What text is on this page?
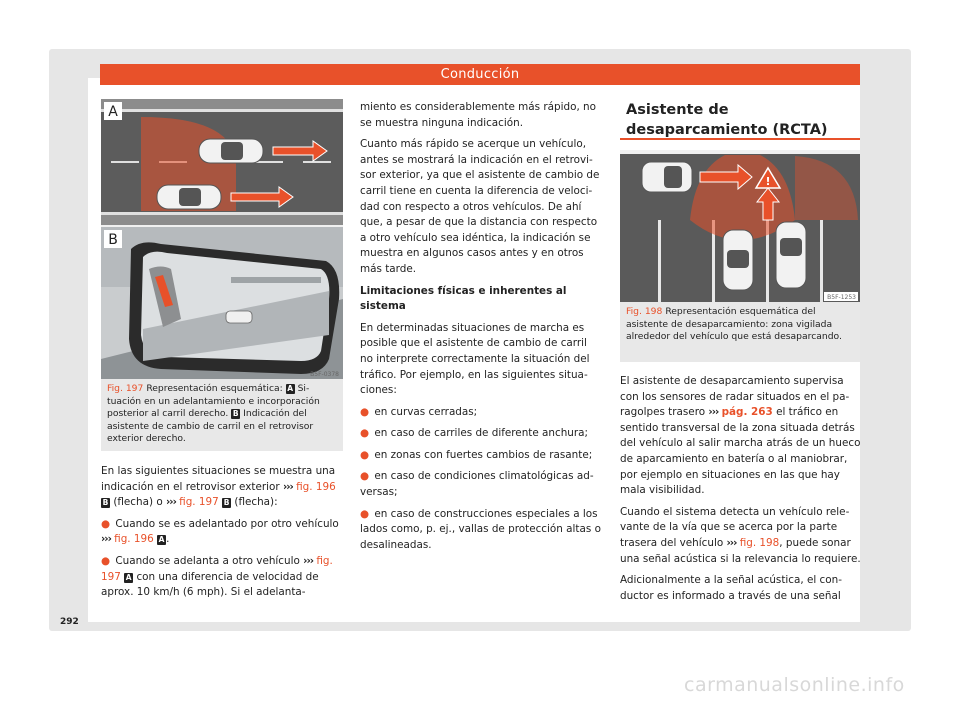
Conducción
A
B
B5F-0378
Fig. 197 Representación esquemática: A Situación en un adelantamiento e incorporación posterior al carril derecho. B Indicación del asistente de cambio de carril en el retrovisor exterior derecho.

En las siguientes situaciones se muestra una indicación en el retrovisor exterior ››› fig. 196 B (flecha) o ››› fig. 197 B (flecha):

● Cuando se es adelantado por otro vehículo ››› fig. 196 A .

● Cuando se adelanta a otro vehículo ››› fig. 197 A con una diferencia de velocidad de aprox. 10 km/h (6 mph). Si el adelanta-

miento es considerablemente más rápido, no se muestra ninguna indicación.

Cuanto más rápido se acerque un vehículo, antes se mostrará la indicación en el retrovisor exterior, ya que el asistente de cambio de carril tiene en cuenta la diferencia de velocidad con respecto a otros vehículos. De ahí que, a pesar de que la distancia con respecto a otro vehículo sea idéntica, la indicación se muestra en algunos casos antes y en otros más tarde.

Limitaciones físicas e inherentes al sistema

En determinadas situaciones de marcha es posible que el asistente de cambio de carril no interprete correctamente la situación del tráfico. Por ejemplo, en las siguientes situaciones:

● en curvas cerradas;

● en caso de carriles de diferente anchura;

● en zonas con fuertes cambios de rasante;

● en caso de condiciones climatológicas adversas;

● en caso de construcciones especiales a los lados como, p. ej., vallas de protección altas o desalineadas.

Asistente de desaparcamiento (RCTA)
!
B5F-1253
Fig. 198 Representación esquemática del asistente de desaparcamiento: zona vigilada alrededor del vehículo que está desaparcando.

El asistente de desaparcamiento supervisa con los sensores de radar situados en el paragolpes trasero ››› pág. 263 el tráfico en sentido transversal de la zona situada detrás del vehículo al salir marcha atrás de un hueco de aparcamiento en batería o al maniobrar, por ejemplo en situaciones en las que hay mala visibilidad.

Cuando el sistema detecta un vehículo relevante de la vía que se acerca por la parte trasera del vehículo ››› fig. 198, puede sonar una señal acústica si la relevancia lo requiere.

Adicionalmente a la señal acústica, el conductor es informado a través de una señal

292
carmanualsonline.info
